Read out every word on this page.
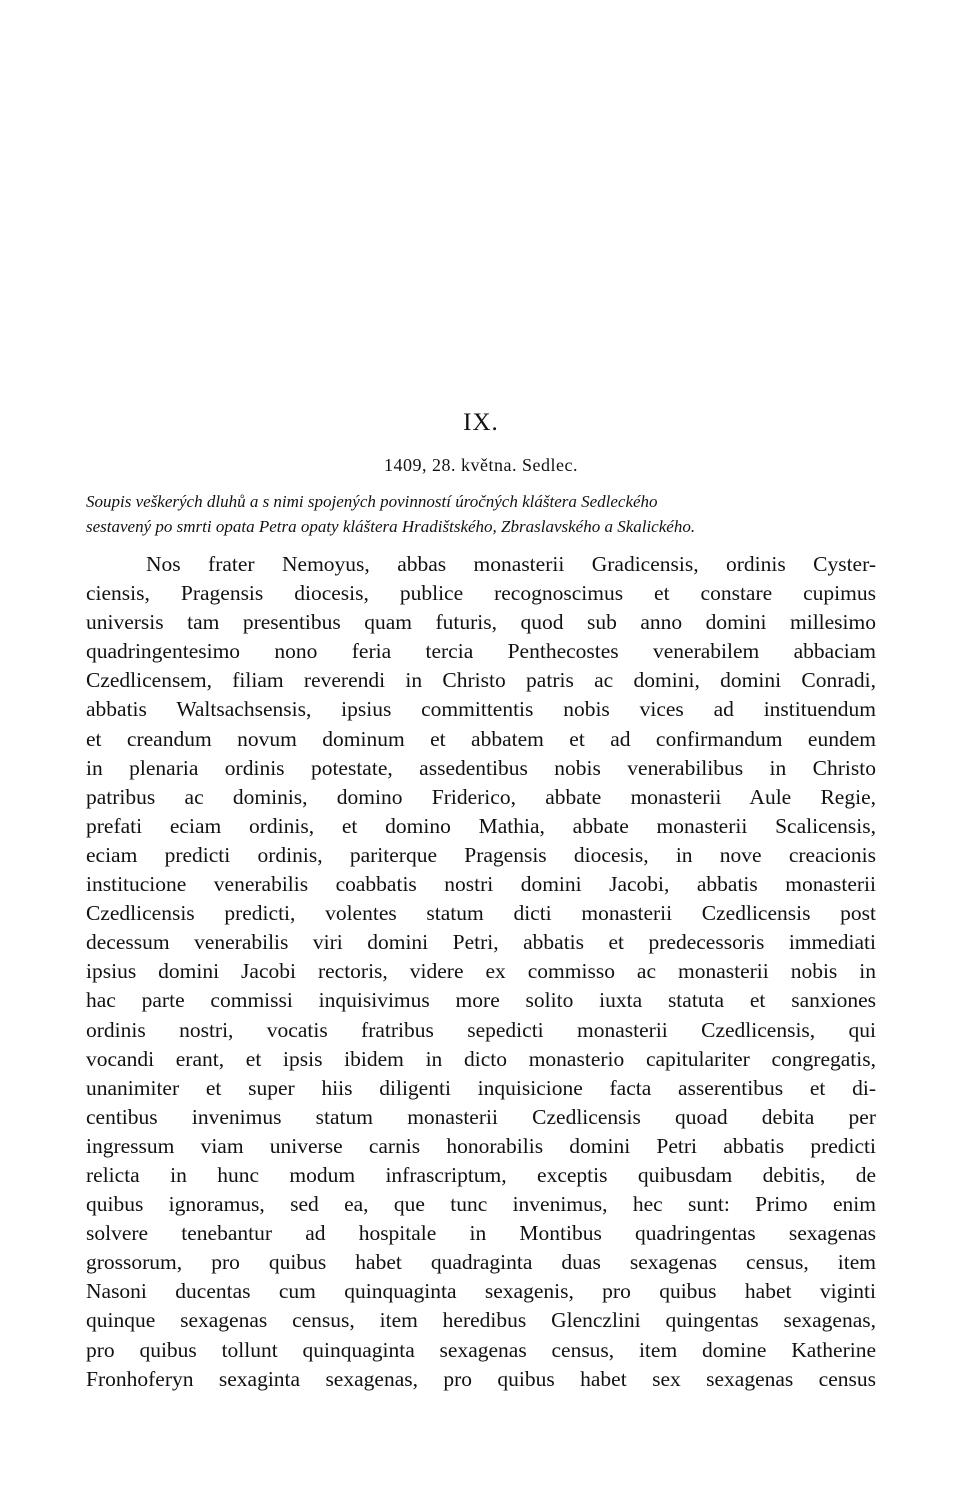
IX.
1409, 28. května. Sedlec.
Soupis veškerých dluhů a s nimi spojených povinností úročných kláštera Sedleckého
sestavený po smrti opata Petra opaty kláštera Hradištského, Zbraslavského a Skalického.
Nos frater Nemoyus, abbas monasterii Gradicensis, ordinis Cyster-
ciensis, Pragensis diocesis, publice recognoscimus et constare cupimus
universis tam presentibus quam futuris, quod sub anno domini millesimo
quadringentesimo nono feria tercia Penthecostes venerabilem abbaciam
Czedlicensem, filiam reverendi in Christo patris ac domini, domini Conradi,
abbatis Waltsachsensis, ipsius committentis nobis vices ad instituendum
et creandum novum dominum et abbatem et ad confirmandum eundem
in plenaria ordinis potestate, assedentibus nobis venerabilibus in Christo
patribus ac dominis, domino Friderico, abbate monasterii Aule Regie,
prefati eciam ordinis, et domino Mathia, abbate monasterii Scalicensis,
eciam predicti ordinis, pariterque Pragensis diocesis, in nove creacionis
institucione venerabilis coabbatis nostri domini Jacobi, abbatis monasterii
Czedlicensis predicti, volentes statum dicti monasterii Czedlicensis post
decessum venerabilis viri domini Petri, abbatis et predecessoris immediati
ipsius domini Jacobi rectoris, videre ex commisso ac monasterii nobis in
hac parte commissi inquisivimus more solito iuxta statuta et sanxiones
ordinis nostri, vocatis fratribus sepedicti monasterii Czedlicensis, qui
vocandi erant, et ipsis ibidem in dicto monasterio capitulariter congregatis,
unanimiter et super hiis diligenti inquisicione facta asserentibus et di-
centibus invenimus statum monasterii Czedlicensis quoad debita per
ingressum viam universe carnis honorabilis domini Petri abbatis predicti
relicta in hunc modum infrascriptum, exceptis quibusdam debitis, de
quibus ignoramus, sed ea, que tunc invenimus, hec sunt: Primo enim
solvere tenebantur ad hospitale in Montibus quadringentas sexagenas
grossorum, pro quibus habet quadraginta duas sexagenas census, item
Nasoni ducentas cum quinquaginta sexagenis, pro quibus habet viginti
quinque sexagenas census, item heredibus Glenczlini quingentas sexagenas,
pro quibus tollunt quinquaginta sexagenas census, item domine Katherine
Fronhoferyn sexaginta sexagenas, pro quibus habet sex sexagenas census
